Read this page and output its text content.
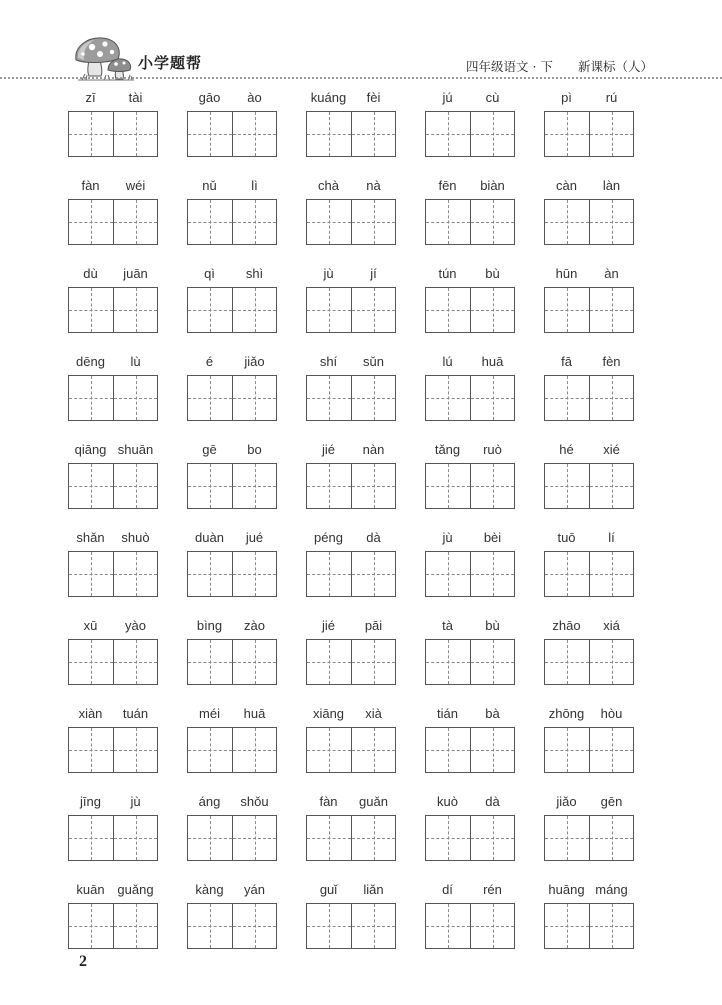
小学题帮	四年级语文 · 下 新课标（人）
zī	tài	gāo	ào	kuáng	fèi	jú	cù	pì	rú
fàn	wéi	nǔ	lì	chà	nà	fēn	biàn	càn	làn
dù	juān	qì	shì	jù	jí	tún	bù	hūn	àn
dēng	lù	é	jiǎo	shí	sǔn	lú	huā	fā	fèn
qiāng shuān	gē	bo	jié	nàn	tǎng	ruò	hé	xié
shǎn	shuò	duàn	jué	péng	dà	jù	bèi	tuō	lí
xū	yào	bìng	zào	jié	pāi	tà	bù	zhāo	xiá
xiàn	tuán	méi	huā	xiāng	xià	tián	bà	zhōng	hòu
jīng	jù	áng	shǒu	fàn	guǎn	kuò	dà	jiǎo	gēn
kuān guǎng	kàng	yán	guǐ	liǎn	dí	rén	huāng máng
2
